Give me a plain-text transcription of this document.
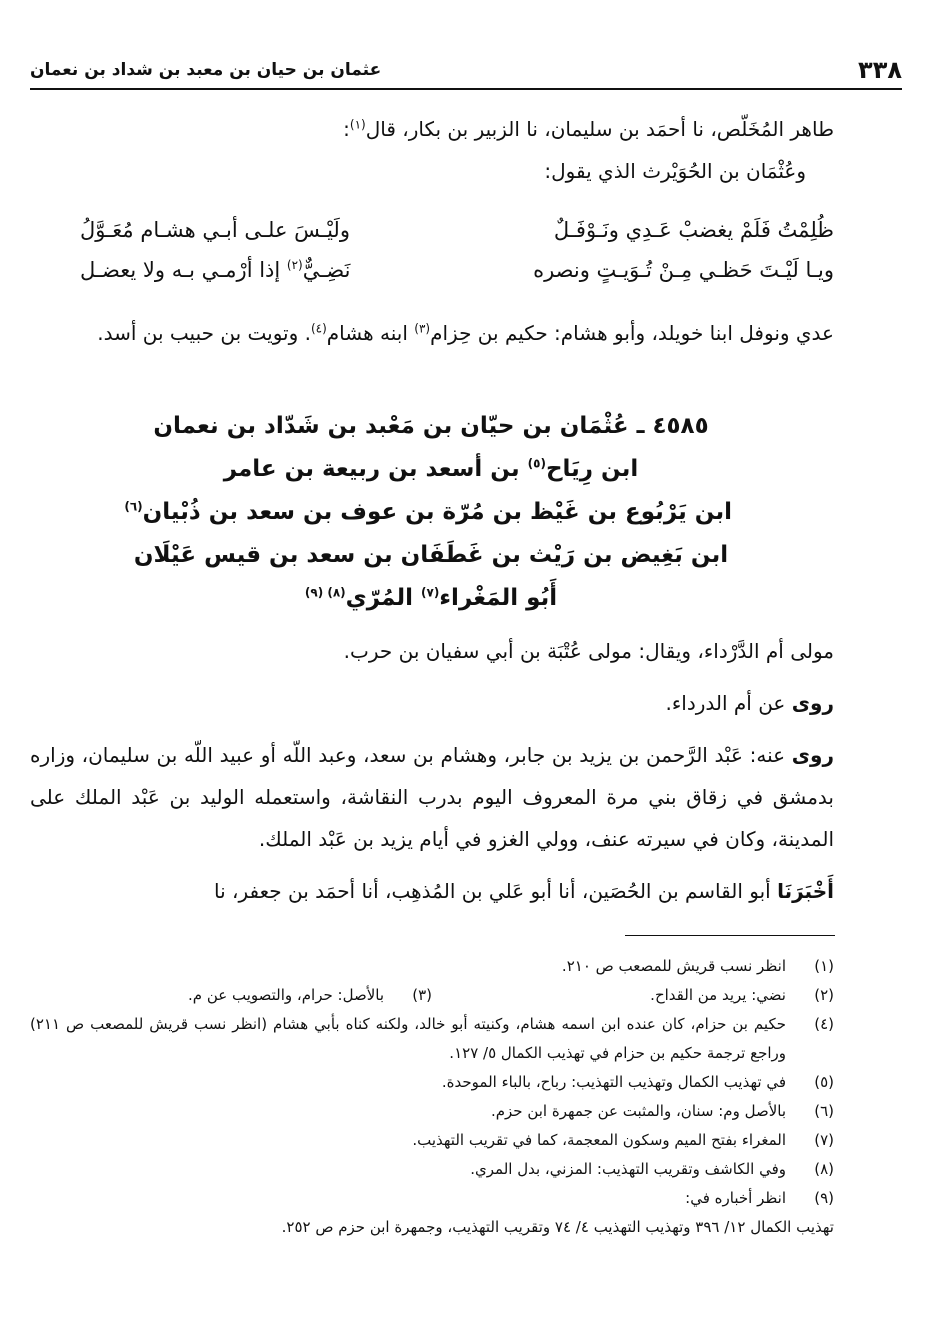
٣٣٨
عثمان بن حيان بن معبد بن شداد بن نعمان

طاهر المُخَلّص، نا أحمَد بن سليمان، نا الزبير بن بكار، قال$^{(١)}$:

وعُثْمَان بن الحُوَيْرث الذي يقول:

ظُلِمْتُ فَلَمْ يغضبْ عَـدِي ونَـوْفَـلٌ
ولَيْـسَ علـى أبـي هشـام مُعَـوَّلُ
ويـا لَيْـتَ حَظـي مِـنْ تُـوَيـتٍ ونصره
نَضِـيٌّ$^{(٢)}$ إذا أرْمـي بـه ولا يعضـل

عدي ونوفل ابنا خويلد، وأبو هشام: حكيم بن حِزام$^{(٣)}$ ابنه هشام$^{(٤)}$. وتويت بن حبيب بن أسد.

٤٥٨٥ ـ عُثْمَان بن حيّان بن مَعْبد بن شَدّاد بن نعمان
ابن رِيَاح$^{(٥)}$ بن أسعد بن ربيعة بن عامر
ابن يَرْبُوع بن غَيْظ بن مُرّة بن عوف بن سعد بن ذُبْيان$^{(٦)}$
ابن بَغِيض بن رَيْث بن غَطَفَان بن سعد بن قيس عَيْلَان
أَبُو المَغْراء$^{(٧)}$ المُرّي$^{(٨) (٩)}$

مولى أم الدَّرْداء، ويقال: مولى عُتْبَة بن أبي سفيان بن حرب.

روى عن أم الدرداء.

روى عنه: عَبْد الرَّحمن بن يزيد بن جابر، وهشام بن سعد، وعبد اللّه أو عبيد اللّه بن سليمان، وزاره بدمشق في زقاق بني مرة المعروف اليوم بدرب النقاشة، واستعمله الوليد بن عَبْد الملك على المدينة، وكان في سيرته عنف، وولي الغزو في أيام يزيد بن عَبْد الملك.

أَخْبَرَنَا أبو القاسم بن الحُصَين، أنا أبو عَلي بن المُذهِب، أنا أحمَد بن جعفر، نا

(١)
انظر نسب قريش للمصعب ص ٢١٠.
(٢)
نضي: يريد من القداح.
(٣)
بالأصل: حرام، والتصويب عن م.
(٤)
حكيم بن حزام، كان عنده ابن اسمه هشام، وكنيته أبو خالد، ولكنه كناه بأبي هشام (انظر نسب قريش للمصعب ص ٢١١) وراجع ترجمة حكيم بن حزام في تهذيب الكمال ٥/ ١٢٧.
(٥)
في تهذيب الكمال وتهذيب التهذيب: رباح، بالباء الموحدة.
(٦)
بالأصل وم: سنان، والمثبت عن جمهرة ابن حزم.
(٧)
المغراء بفتح الميم وسكون المعجمة، كما في تقريب التهذيب.
(٨)
وفي الكاشف وتقريب التهذيب: المزني، بدل المري.
(٩)
انظر أخباره في:
تهذيب الكمال ١٢/ ٣٩٦ وتهذيب التهذيب ٤/ ٧٤ وتقريب التهذيب، وجمهرة ابن حزم ص ٢٥٢.
